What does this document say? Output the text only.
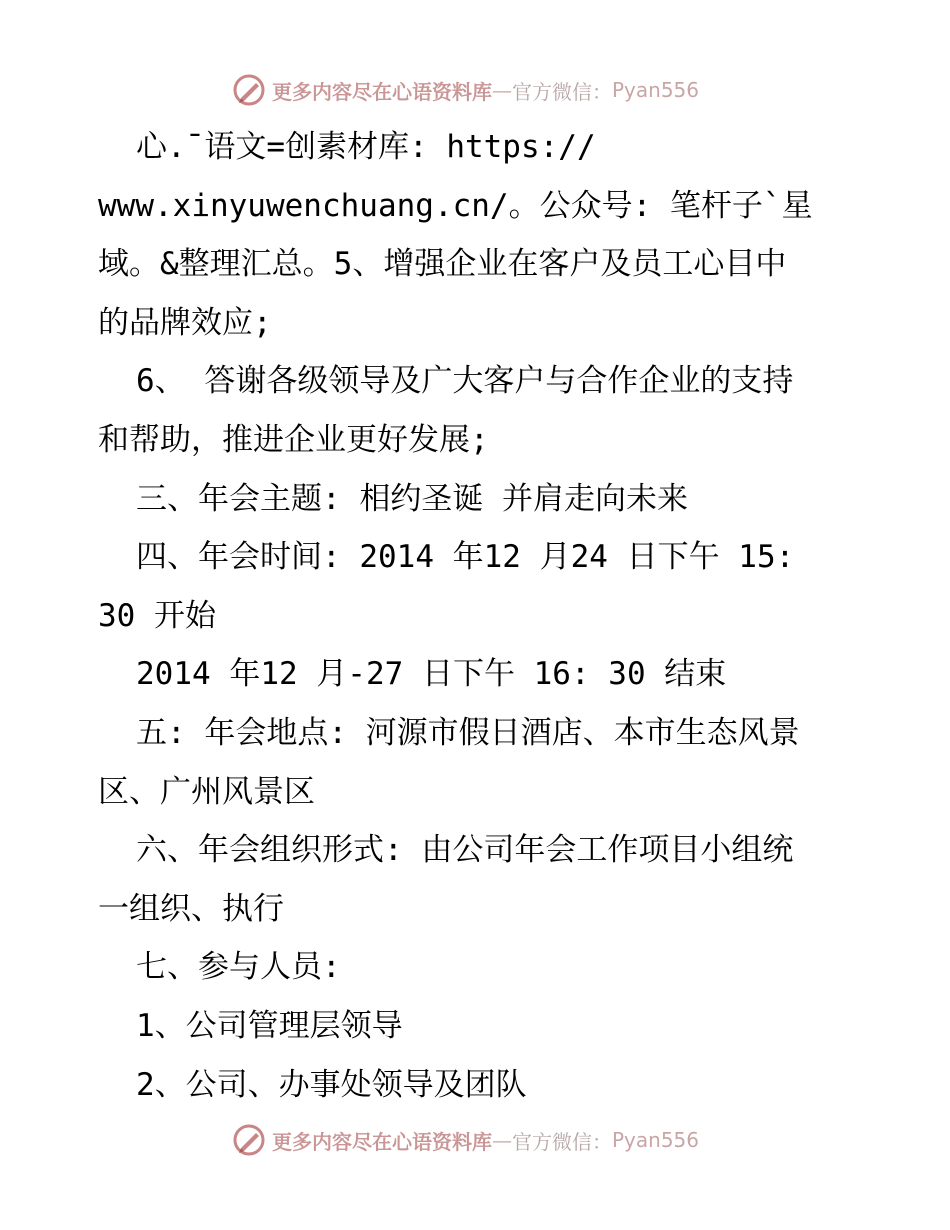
更多内容尽在心语资料库 — 官方微信： Pyan556
心.¯语文=创素材库: https://
www.xinyuwenchuang.cn/。公众号: 笔杆子`星
域。&整理汇总。5、增强企业在客户及员工心目中
的品牌效应;
6、 答谢各级领导及广大客户与合作企业的支持
和帮助，推进企业更好发展;
三、年会主题: 相约圣诞 并肩走向未来
四、年会时间: 2014 年12 月24 日下午 15:
30 开始
2014 年12 月-27 日下午 16: 30 结束
五: 年会地点: 河源市假日酒店、本市生态风景
区、广州风景区
六、年会组织形式: 由公司年会工作项目小组统
一组织、执行
七、参与人员:
1、公司管理层领导
2、公司、办事处领导及团队
更多内容尽在心语资料库 — 官方微信： Pyan556
